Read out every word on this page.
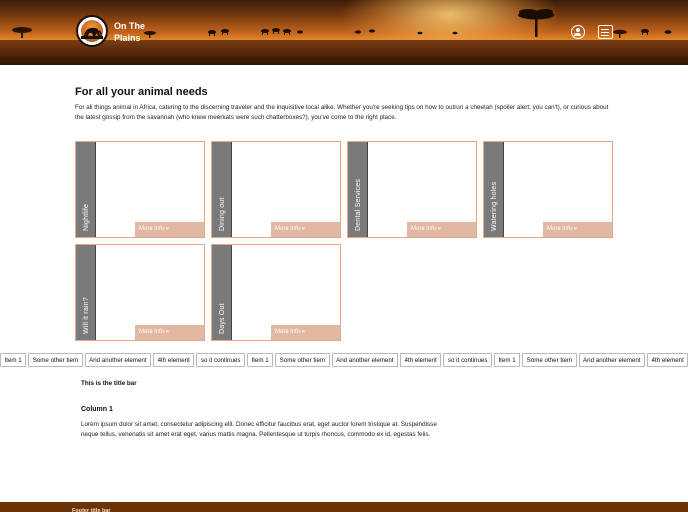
On The
Plains
For all your animal needs
For all things animal in Africa, catering to the discerning traveler and the inquisitive local alike. Whether you're seeking tips on how to outrun a cheetah (spoiler alert: you can't), or curious about the latest gossip from the savannah (who knew meerkats were such chatterboxes?), you've come to the right place.
Nightlife	More info »	Dining out	More info »	Dental Services	More info »	Watering holes	More info »
Will it rain?	More info »	Days Out	More info »
Item 1 Some other tiem And another element 4th element so it continues Item 1 Some other tiem And another element 4th element so it continues Item 1 Some other tiem And another element 4th element
This is the title bar
Column 1
Lorem ipsum dolor sit amet, consectetur adipiscing elit. Donec efficitur faucibus erat, eget auctor lorem tristique at. Suspendisse neque tellus, venenatis sit amet erat eget, varius mattis magna. Pellentesque ut turpis rhoncus, commodo ex id, egestas felis.
Footer title bar
